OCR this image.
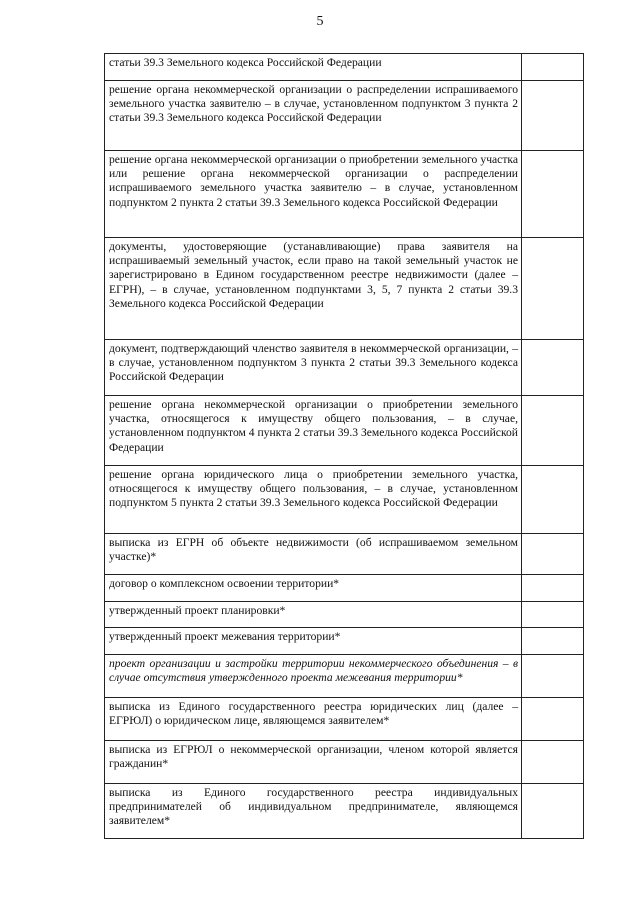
5
статьи 39.3 Земельного кодекса Российской Федерации	
решение органа некоммерческой организации о распределении испрашиваемого земельного участка заявителю – в случае, установленном подпунктом 3 пункта 2 статьи 39.3 Земельного кодекса Российской Федерации	
решение органа некоммерческой организации о приобретении земельного участка или решение органа некоммерческой организации о распределении испрашиваемого земельного участка заявителю – в случае, установленном подпунктом 2 пункта 2 статьи 39.3 Земельного кодекса Российской Федерации	
документы, удостоверяющие (устанавливающие) права заявителя на испрашиваемый земельный участок, если право на такой земельный участок не зарегистрировано в Едином государственном реестре недвижимости (далее – ЕГРН), – в случае, установленном подпунктами 3, 5, 7 пункта 2 статьи 39.3 Земельного кодекса Российской Федерации	
документ, подтверждающий членство заявителя в некоммерческой организации, – в случае, установленном подпунктом 3 пункта 2 статьи 39.3 Земельного кодекса Российской Федерации	
решение органа некоммерческой организации о приобретении земельного участка, относящегося к имуществу общего пользования, – в случае, установленном подпунктом 4 пункта 2 статьи 39.3 Земельного кодекса Российской Федерации	
решение органа юридического лица о приобретении земельного участка, относящегося к имуществу общего пользования, – в случае, установленном подпунктом 5 пункта 2 статьи 39.3 Земельного кодекса Российской Федерации	
выписка из ЕГРН об объекте недвижимости (об испрашиваемом земельном участке)*	
договор о комплексном освоении территории*	
утвержденный проект планировки*	
утвержденный проект межевания территории*	
проект организации и застройки территории некоммерческого объединения – в случае отсутствия утвержденного проекта межевания территории*	
выписка из Единого государственного реестра юридических лиц (далее – ЕГРЮЛ) о юридическом лице, являющемся заявителем*	
выписка из ЕГРЮЛ о некоммерческой организации, членом которой является гражданин*	
выписка из Единого государственного реестра индивидуальных предпринимателей об индивидуальном предпринимателе, являющемся заявителем*	
